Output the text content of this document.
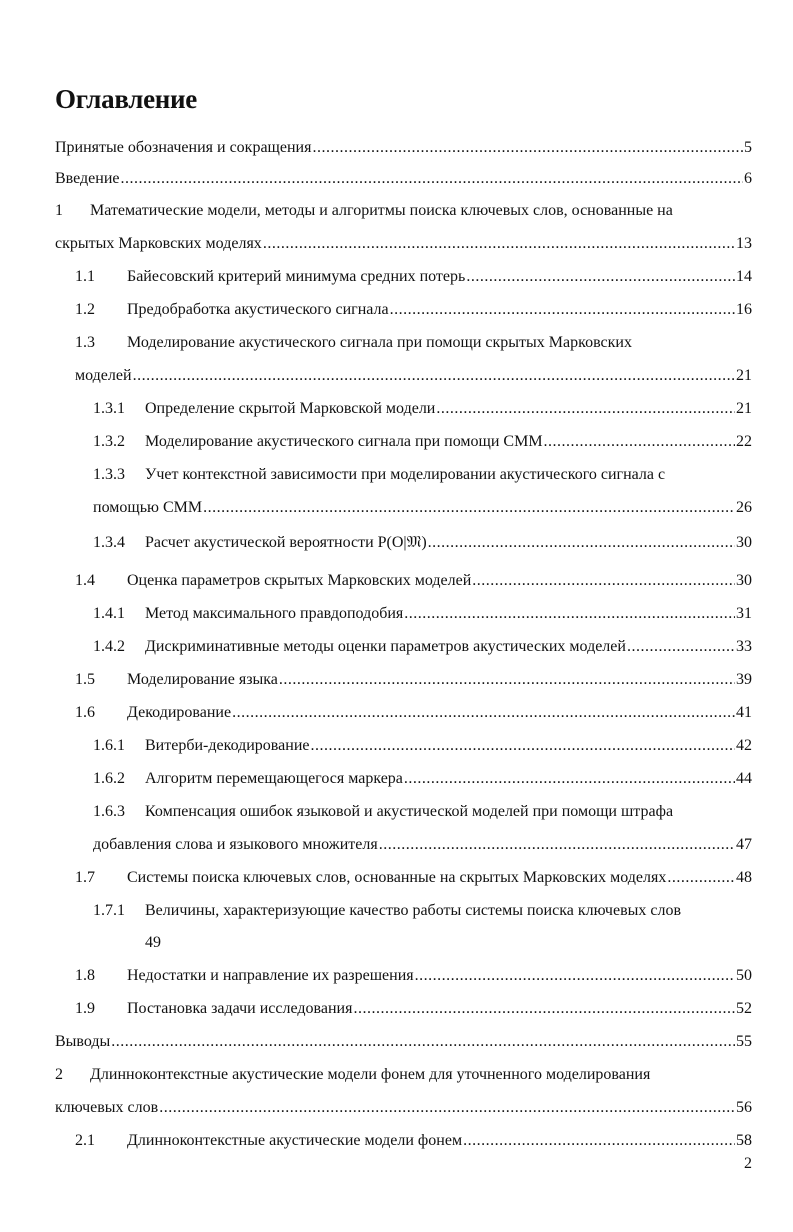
Оглавление
Принятые обозначения и сокращения .....	5
Введение .....	6
1	Математические модели, методы и алгоритмы поиска ключевых слов, основанные на
скрытых Марковских моделях .....	13
1.1	Байесовский критерий минимума средних потерь .....	14
1.2	Предобработка акустического сигнала .....	16
1.3	Моделирование акустического сигнала при помощи скрытых Марковских
моделей .....	21
1.3.1	Определение скрытой Марковской модели .....	21
1.3.2	Моделирование акустического сигнала при помощи СММ .....	22
1.3.3	Учет контекстной зависимости при моделировании акустического сигнала с
помощью СММ .....	26
1.3.4	Расчет акустической вероятности P(O|𝔐) .....	30
1.4	Оценка параметров скрытых Марковских моделей .....	30
1.4.1	Метод максимального правдоподобия .....	31
1.4.2	Дискриминативные методы оценки параметров акустических моделей .....	33
1.5	Моделирование языка .....	39
1.6	Декодирование .....	41
1.6.1	Витерби-декодирование .....	42
1.6.2	Алгоритм перемещающегося маркера .....	44
1.6.3	Компенсация ошибок языковой и акустической моделей при помощи штрафа
добавления слова и языкового множителя .....	47
1.7	Системы поиска ключевых слов, основанные на скрытых Марковских моделях .....	48
1.7.1	Величины, характеризующие качество работы системы поиска ключевых слов
49
1.8	Недостатки и направление их разрешения .....	50
1.9	Постановка задачи исследования .....	52
Выводы .....	55
2	Длинноконтекстные акустические модели фонем для уточненного моделирования
ключевых слов .....	56
2.1	Длинноконтекстные акустические модели фонем .....	58
2
